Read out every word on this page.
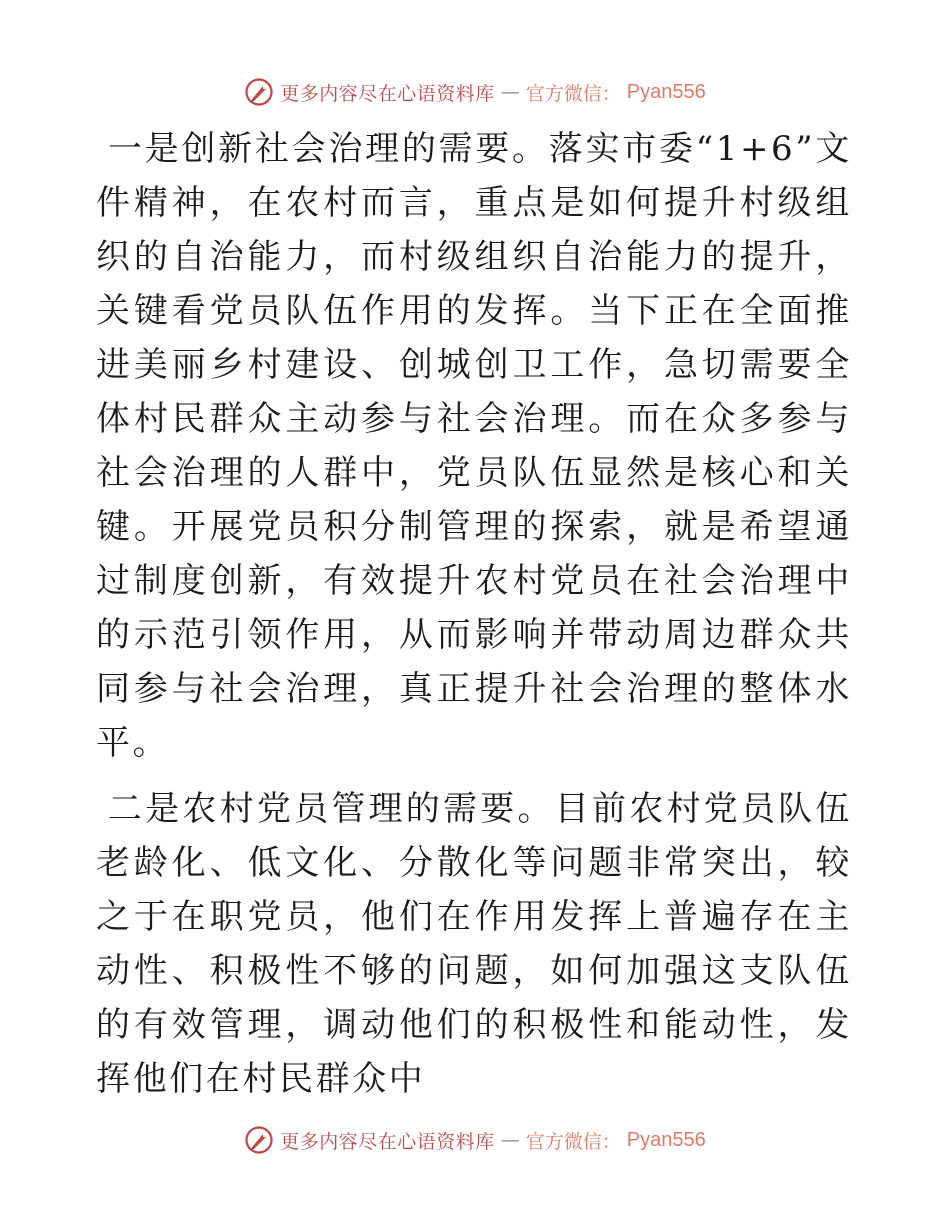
更多内容尽在心语资料库 — 官方微信： Pyan556

一是创新社会治理的需要。落实市委“1+6”文件精神，在农村而言，重点是如何提升村级组织的自治能力，而村级组织自治能力的提升，关键看党员队伍作用的发挥。当下正在全面推进美丽乡村建设、创城创卫工作，急切需要全体村民群众主动参与社会治理。而在众多参与社会治理的人群中，党员队伍显然是核心和关键。开展党员积分制管理的探索，就是希望通过制度创新，有效提升农村党员在社会治理中的示范引领作用，从而影响并带动周边群众共同参与社会治理，真正提升社会治理的整体水平。

二是农村党员管理的需要。目前农村党员队伍老龄化、低文化、分散化等问题非常突出，较之于在职党员，他们在作用发挥上普遍存在主动性、积极性不够的问题，如何加强这支队伍的有效管理，调动他们的积极性和能动性，发挥他们在村民群众中

更多内容尽在心语资料库 — 官方微信： Pyan556
